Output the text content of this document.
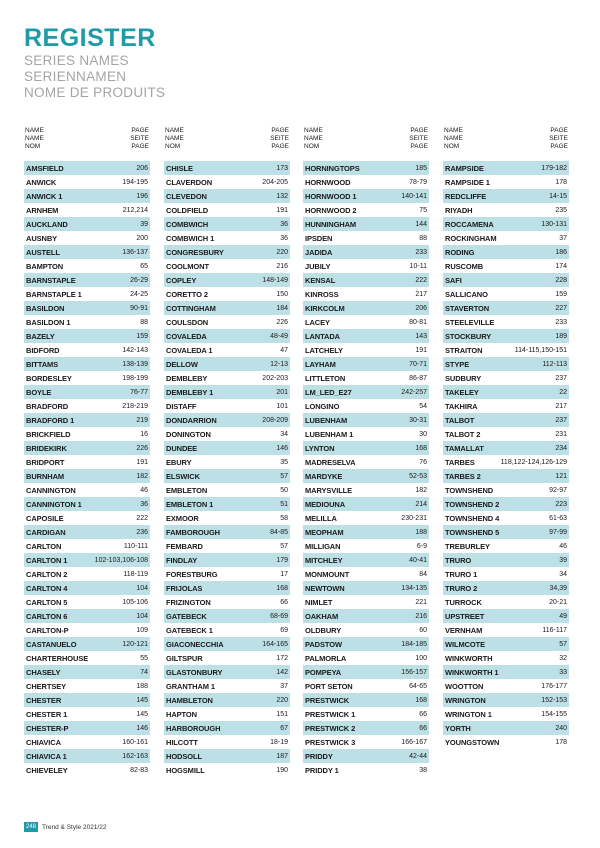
REGISTER
SERIES NAMES
SERIENNAMEN
NOME DE PRODUITS
NAME
NAME
NOM
PAGE
SEITE
PAGE
AMSFIELD	206
ANWICK	194-195
ANWICK 1	196
ARNHEM	212,214
AUCKLAND	39
AUSNBY	200
AUSTELL	136-137
BAMPTON	65
BARNSTAPLE	26-29
BARNSTAPLE 1	24-25
BASILDON	90-91
BASILDON 1	88
BAZELY	159
BIDFORD	142-143
BITTAMS	138-139
BORDESLEY	198-199
BOYLE	76-77
BRADFORD	218-219
BRADFORD 1	219
BRICKFIELD	16
BRIDEKIRK	226
BRIDPORT	191
BURNHAM	182
CANNINGTON	46
CANNINGTON 1	36
CAPOSILE	222
CARDIGAN	236
CARLTON	110-111
CARLTON 1	102-103,106-108
CARLTON 2	118-119
CARLTON 4	104
CARLTON 5	105-106
CARLTON 6	104
CARLTON-P	109
CASTANUELO	120-121
CHARTERHOUSE	55
CHASELY	74
CHERTSEY	188
CHESTER	145
CHESTER 1	145
CHESTER-P	146
CHIAVICA	160-161
CHIAVICA 1	162-163
CHIEVELEY	82-83
NAME
NAME
NOM
PAGE
SEITE
PAGE
CHISLE	173
CLAVERDON	204-205
CLEVEDON	132
COLDFIELD	191
COMBWICH	36
COMBWICH 1	36
CONGRESBURY	220
COOLMONT	216
COPLEY	148-149
CORETTO 2	150
COTTINGHAM	184
COULSDON	226
COVALEDA	48-49
COVALEDA 1	47
DELLOW	12-13
DEMBLEBY	202-203
DEMBLEBY 1	201
DISTAFF	101
DONDARRION	208-209
DONINGTON	34
DUNDEE	146
EBURY	35
ELSWICK	57
EMBLETON	50
EMBLETON 1	51
EXMOOR	58
FAMBOROUGH	84-85
FEMBARD	57
FINDLAY	179
FORESTBURG	17
FRIJOLAS	168
FRIZINGTON	66
GATEBECK	68-69
GATEBECK 1	69
GIACONECCHIA	164-165
GILTSPUR	172
GLASTONBURY	142
GRANTHAM 1	37
HAMBLETON	220
HAPTON	151
HARBOROUGH	67
HILCOTT	18-19
HODSOLL	187
HOGSMILL	190
NAME
NAME
NOM
PAGE
SEITE
PAGE
HORNINGTOPS	185
HORNWOOD	78-79
HORNWOOD 1	140-141
HORNWOOD 2	75
HUNNINGHAM	144
IPSDEN	88
JADIDA	233
JUBILY	10-11
KENSAL	222
KINROSS	217
KIRKCOLM	206
LACEY	80-81
LANTADA	143
LATCHELY	191
LAYHAM	70-71
LITTLETON	86-87
LM_LED_E27	242-257
LONGINO	54
LUBENHAM	30-31
LUBENHAM 1	30
LYNTON	168
MADRESELVA	76
MARDYKE	52-53
MARYSVILLE	182
MEDIOUNA	214
MELILLA	230-231
MEOPHAM	188
MILLIGAN	6-9
MITCHLEY	40-41
MONMOUNT	84
NEWTOWN	134-135
NIMLET	221
OAKHAM	216
OLDBURY	60
PADSTOW	184-185
PALMORLA	100
POMPEYA	156-157
PORT SETON	64-65
PRESTWICK	168
PRESTWICK 1	66
PRESTWICK 2	66
PRESTWICK 3	166-167
PRIDDY	42-44
PRIDDY 1	38
NAME
NAME
NOM
PAGE
SEITE
PAGE
RAMPSIDE	179-182
RAMPSIDE 1	178
REDCLIFFE	14-15
RIYADH	235
ROCCAMENA	130-131
ROCKINGHAM	37
RODING	186
RUSCOMB	174
SAFI	228
SALLICANO	159
STAVERTON	227
STEELEVILLE	233
STOCKBURY	189
STRAITON	114-115,150-151
STYPE	112-113
SUDBURY	237
TAKELEY	22
TAKHIRA	217
TALBOT	237
TALBOT 2	231
TAMALLAT	234
TARBES	118,122-124,126-129
TARBES 2	121
TOWNSHEND	92-97
TOWNSHEND 2	223
TOWNSHEND 4	61-63
TOWNSHEND 5	97-99
TREBURLEY	46
TRURO	39
TRURO 1	34
TRURO 2	34,39
TURROCK	20-21
UPSTREET	49
VERNHAM	116-117
WILMCOTE	57
WINKWORTH	32
WINKWORTH 1	33
WOOTTON	176-177
WRINGTON	152-153
WRINGTON 1	154-155
YORTH	240
YOUNGSTOWN	178
248 Trend & Style 2021/22
